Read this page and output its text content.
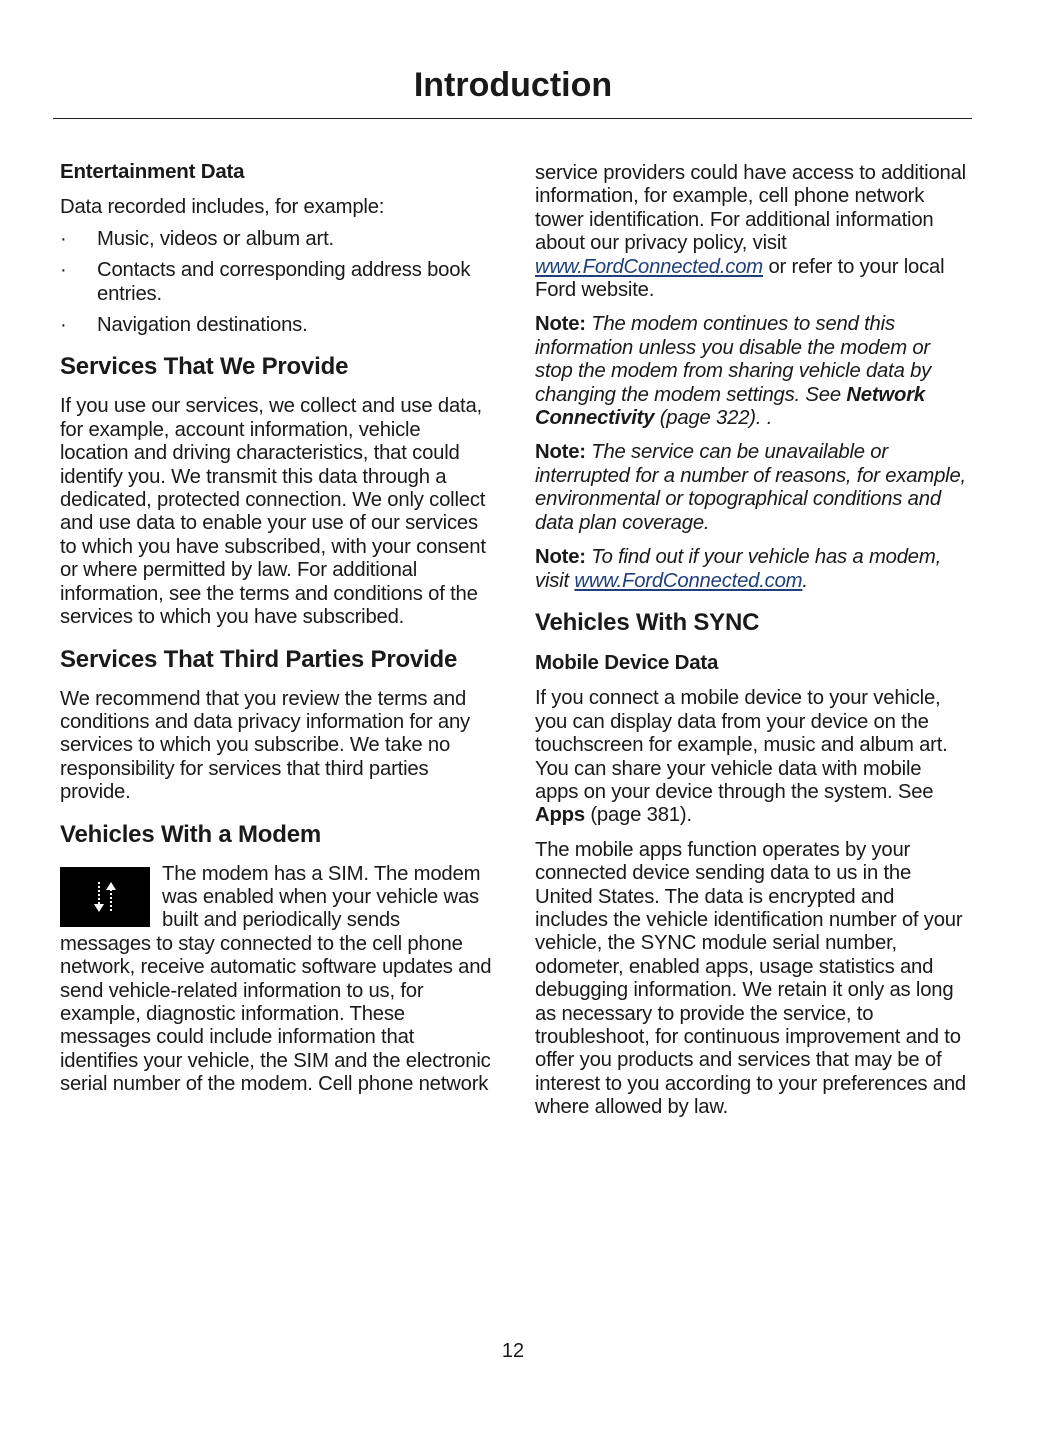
Introduction
Entertainment Data

Data recorded includes, for example:

· Music, videos or album art.
· Contacts and corresponding address book entries.
· Navigation destinations.
Services That We Provide

If you use our services, we collect and use data, for example, account information, vehicle location and driving characteristics, that could identify you. We transmit this data through a dedicated, protected connection. We only collect and use data to enable your use of our services to which you have subscribed, with your consent or where permitted by law. For additional information, see the terms and conditions of the services to which you have subscribed.

Services That Third Parties Provide

We recommend that you review the terms and conditions and data privacy information for any services to which you subscribe. We take no responsibility for services that third parties provide.

Vehicles With a Modem

The modem has a SIM. The modem was enabled when your vehicle was built and periodically sends messages to stay connected to the cell phone network, receive automatic software updates and send vehicle-related information to us, for example, diagnostic information. These messages could include information that identifies your vehicle, the SIM and the electronic serial number of the modem. Cell phone network

service providers could have access to additional information, for example, cell phone network tower identification. For additional information about our privacy policy, visit www.FordConnected.com or refer to your local Ford website.

Note: The modem continues to send this information unless you disable the modem or stop the modem from sharing vehicle data by changing the modem settings. See Network Connectivity (page 322). .

Note: The service can be unavailable or interrupted for a number of reasons, for example, environmental or topographical conditions and data plan coverage.

Note: To find out if your vehicle has a modem, visit www.FordConnected.com.

Vehicles With SYNC
Mobile Device Data

If you connect a mobile device to your vehicle, you can display data from your device on the touchscreen for example, music and album art. You can share your vehicle data with mobile apps on your device through the system. See Apps (page 381).

The mobile apps function operates by your connected device sending data to us in the United States. The data is encrypted and includes the vehicle identification number of your vehicle, the SYNC module serial number, odometer, enabled apps, usage statistics and debugging information. We retain it only as long as necessary to provide the service, to troubleshoot, for continuous improvement and to offer you products and services that may be of interest to you according to your preferences and where allowed by law.

12
